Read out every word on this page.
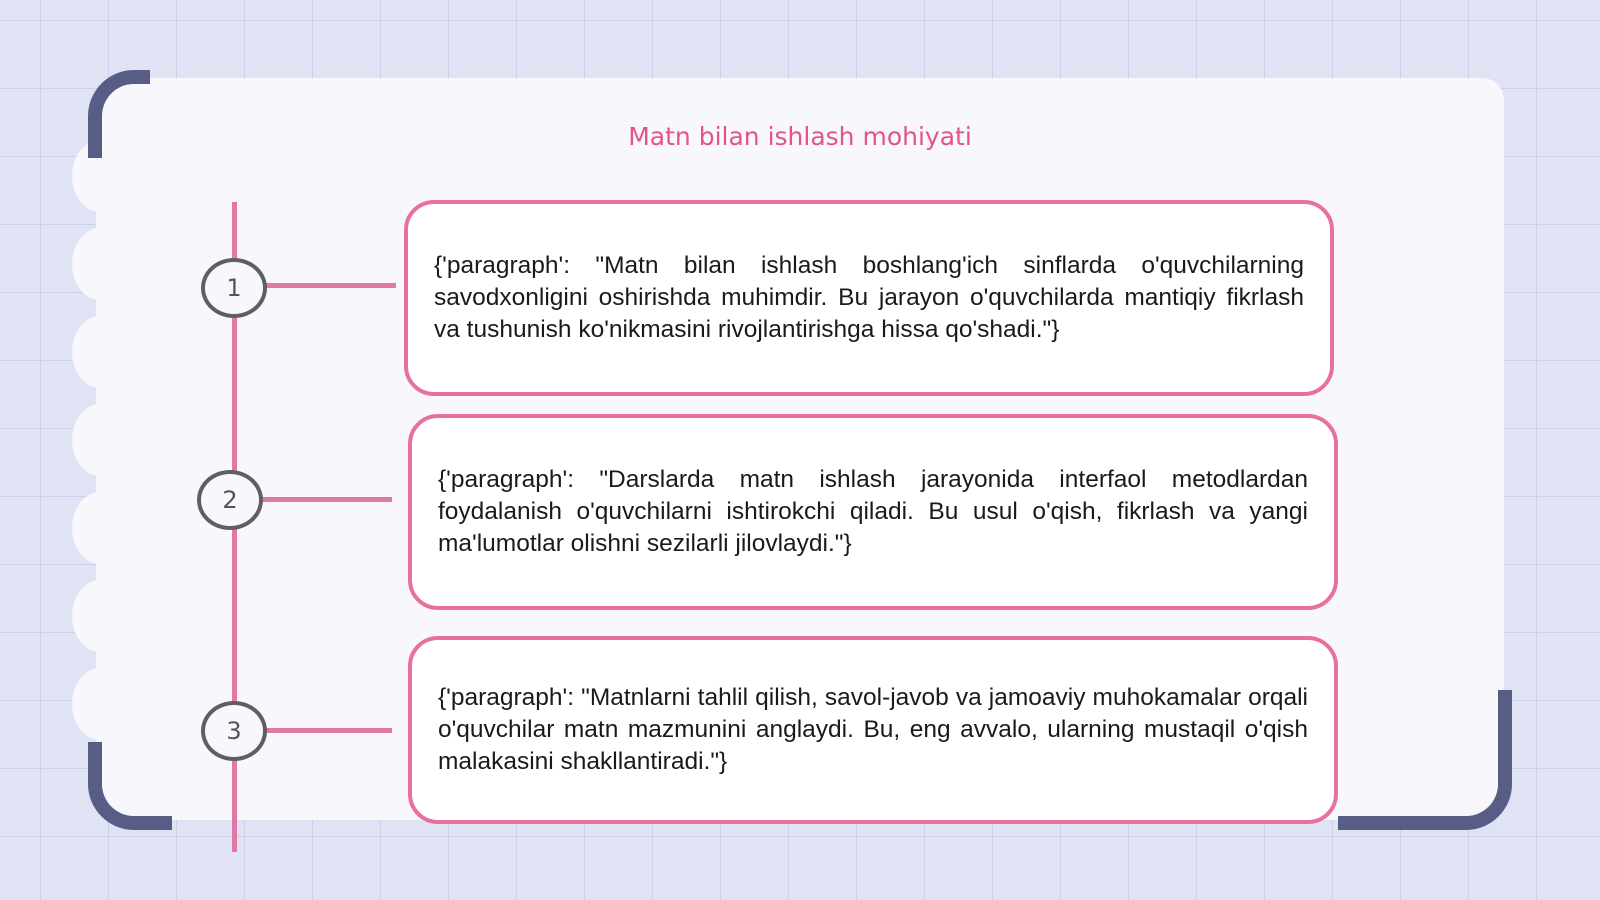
Matn bilan ishlash mohiyati
1
2
3

{'paragraph': "Matn bilan ishlash boshlang'ich sinflarda o'quvchilarning savodxonligini oshirishda muhimdir. Bu jarayon o'quvchilarda mantiqiy fikrlash va tushunish ko'nikmasini rivojlantirishga hissa qo'shadi."}

{'paragraph': "Darslarda matn ishlash jarayonida interfaol metodlardan foydalanish o'quvchilarni ishtirokchi qiladi. Bu usul o'qish, fikrlash va yangi ma'lumotlar olishni sezilarli jilovlaydi."}

{'paragraph': "Matnlarni tahlil qilish, savol-javob va jamoaviy muhokamalar orqali o'quvchilar matn mazmunini anglaydi. Bu, eng avvalo, ularning mustaqil o'qish malakasini shakllantiradi."}
